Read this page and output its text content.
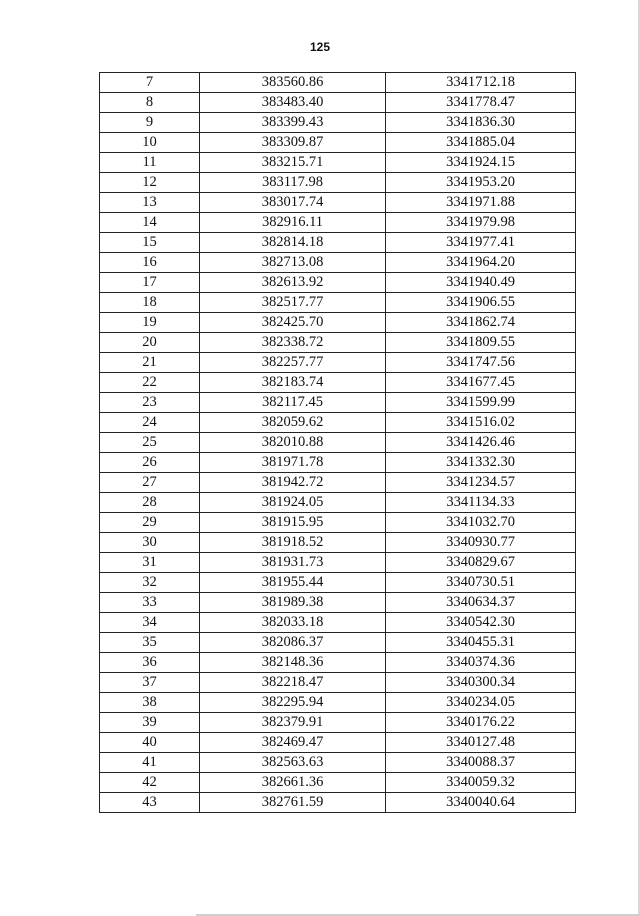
125
7	383560.86	3341712.18
8	383483.40	3341778.47
9	383399.43	3341836.30
10	383309.87	3341885.04
11	383215.71	3341924.15
12	383117.98	3341953.20
13	383017.74	3341971.88
14	382916.11	3341979.98
15	382814.18	3341977.41
16	382713.08	3341964.20
17	382613.92	3341940.49
18	382517.77	3341906.55
19	382425.70	3341862.74
20	382338.72	3341809.55
21	382257.77	3341747.56
22	382183.74	3341677.45
23	382117.45	3341599.99
24	382059.62	3341516.02
25	382010.88	3341426.46
26	381971.78	3341332.30
27	381942.72	3341234.57
28	381924.05	3341134.33
29	381915.95	3341032.70
30	381918.52	3340930.77
31	381931.73	3340829.67
32	381955.44	3340730.51
33	381989.38	3340634.37
34	382033.18	3340542.30
35	382086.37	3340455.31
36	382148.36	3340374.36
37	382218.47	3340300.34
38	382295.94	3340234.05
39	382379.91	3340176.22
40	382469.47	3340127.48
41	382563.63	3340088.37
42	382661.36	3340059.32
43	382761.59	3340040.64
